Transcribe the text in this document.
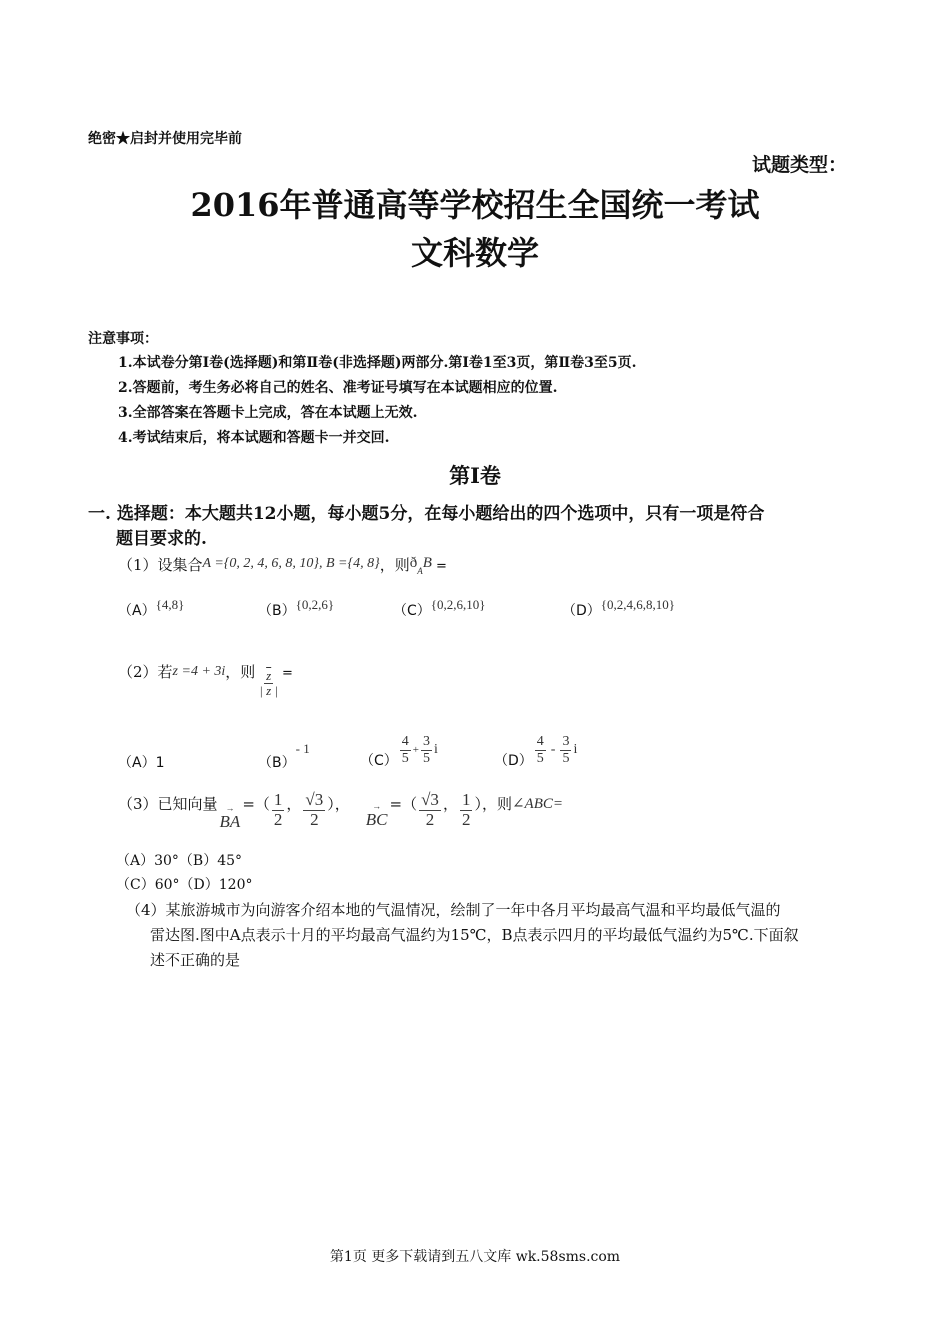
绝密★启封并使用完毕前
试题类型：
2016年普通高等学校招生全国统一考试
文科数学
注意事项：
1.本试卷分第Ⅰ卷(选择题)和第Ⅱ卷(非选择题)两部分.第Ⅰ卷1至3页，第Ⅱ卷3至5页.
2.答题前，考生务必将自己的姓名、准考证号填写在本试题相应的位置.
3.全部答案在答题卡上完成，答在本试题上无效.
4.考试结束后，将本试题和答题卡一并交回.
第Ⅰ卷
一. 选择题：本大题共12小题，每小题5分，在每小题给出的四个选项中，只有一项是符合
题目要求的.
（1）设集合A ={0, 2, 4, 6, 8, 10}, B ={4, 8}，则$ð_AB$ =
（A）{4,8}	（B）{0,2,6}	（C）{0,2,6,10}	（D）{0,2,4,6,8,10}
（2）若z =4 + 3i，则 $\frac{\overline{z}}{| z |}$ =
（A）1	（B）- 1
$(C) \frac{4}{5} + \frac{3}{5}$ i
$(D) \frac{4}{5} - \frac{3}{5}$ i
（3）已知向量 →
BA
=（ $\frac{1}{2}$ ， $\frac{√3}{2}$ ）， →
BC
=（ $\frac{√3}{2}$ ， $\frac{1}{2}$ ），则 ∠ABC=
（A）30°（B）45°
（C）60°（D）120°
（4）某旅游城市为向游客介绍本地的气温情况，绘制了一年中各月平均最高气温和平均最低气温的
雷达图.图中A点表示十月的平均最高气温约为15℃，B点表示四月的平均最低气温约为5℃.下面叙
述不正确的是
第1页 更多下载请到五八文库 wk.58sms.com
